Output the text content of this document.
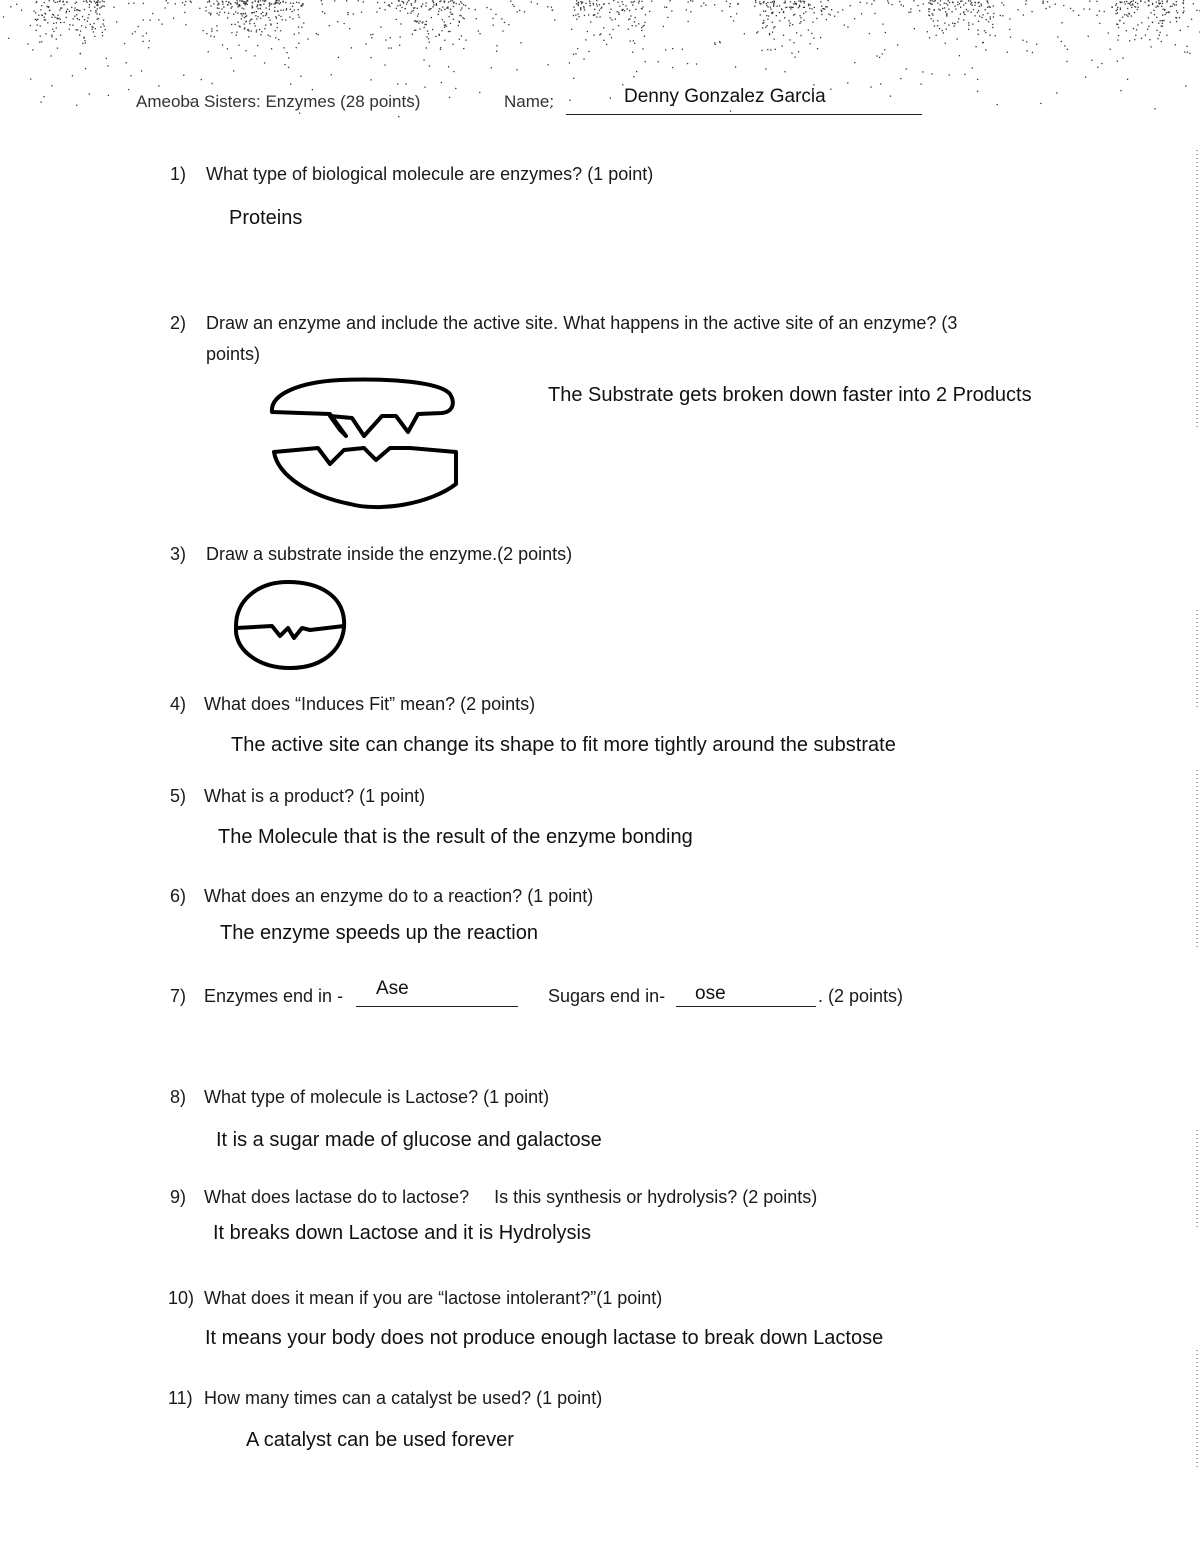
Ameoba Sisters: Enzymes (28 points)	Name:	Denny Gonzalez Garcia
1) What type of biological molecule are enzymes? (1 point)
Proteins
2) Draw an enzyme and include the active site. What happens in the active site of an enzyme? (3
points)
The Substrate gets broken down faster into 2 Products
3) Draw a substrate inside the enzyme.(2 points)
4) What does “Induces Fit” mean? (2 points)
The active site can change its shape to fit more tightly around the substrate
5) What is a product? (1 point)
The Molecule that is the result of the enzyme bonding
6) What does an enzyme do to a reaction? (1 point)
The enzyme speeds up the reaction
7) Enzymes end in - Ase	Sugars end in- ose	. (2 points)
8) What type of molecule is Lactose? (1 point)
It is a sugar made of glucose and galactose
9) What does lactase do to lactose?     Is this synthesis or hydrolysis? (2 points)
It breaks down Lactose and it is Hydrolysis
10) What does it mean if you are “lactose intolerant?”(1 point)
It means your body does not produce enough lactase to break down Lactose
11) How many times can a catalyst be used? (1 point)
A catalyst can be used forever
